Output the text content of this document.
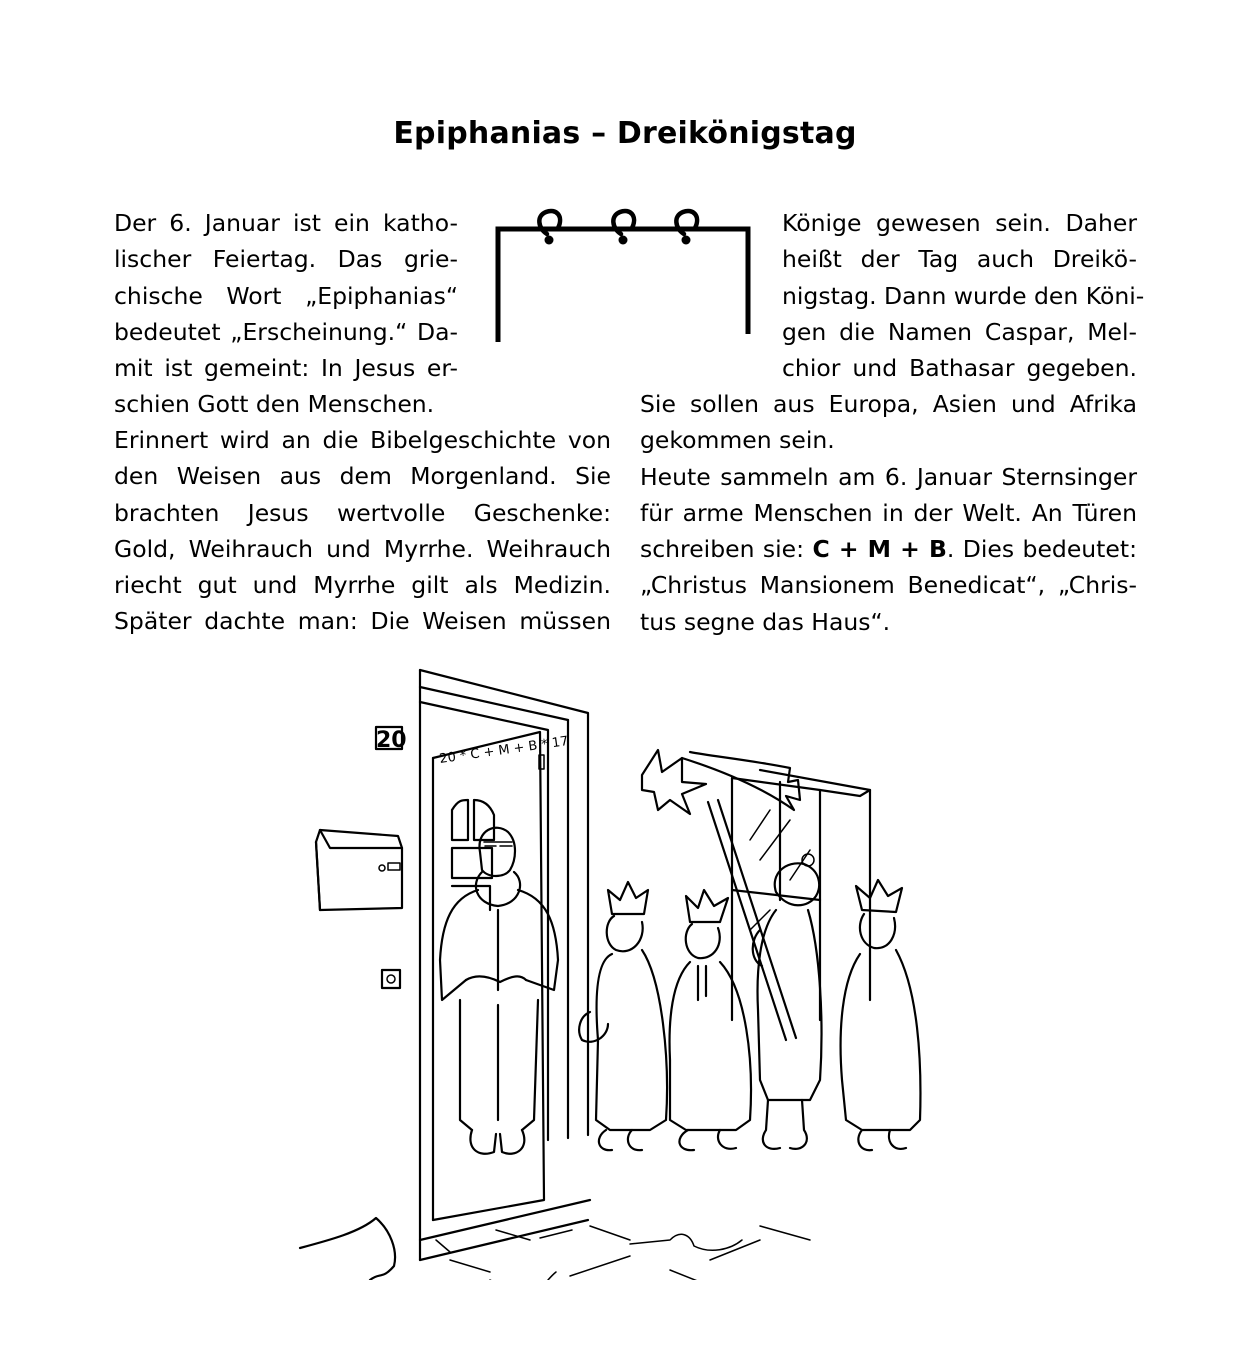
Epiphanias – Dreikönigstag
Der 6. Januar ist ein katho-
lischer Feiertag. Das grie-
chische Wort „Epiphanias“
bedeutet „Erscheinung.“ Da-
mit ist gemeint: In Jesus er-
schien Gott den Menschen.
Erinnert wird an die Bibelgeschichte von
den Weisen aus dem Morgenland. Sie
brachten Jesus wertvolle Geschenke:
Gold, Weihrauch und Myrrhe. Weihrauch
riecht gut und Myrrhe gilt als Medizin.
Später dachte man: Die Weisen müssen
Könige gewesen sein. Daher
heißt der Tag auch Dreikö-
nigstag. Dann wurde den Köni-
gen die Namen Caspar, Mel-
chior und Bathasar gegeben.
Sie sollen aus Europa, Asien und Afrika
gekommen sein.
Heute sammeln am 6. Januar Sternsinger
für arme Menschen in der Welt. An Türen
schreiben sie: C + M + B. Dies bedeutet:
„Christus Mansionem Benedicat“, „Chris-
tus segne das Haus“.
20 * C + M + B * 17
20
